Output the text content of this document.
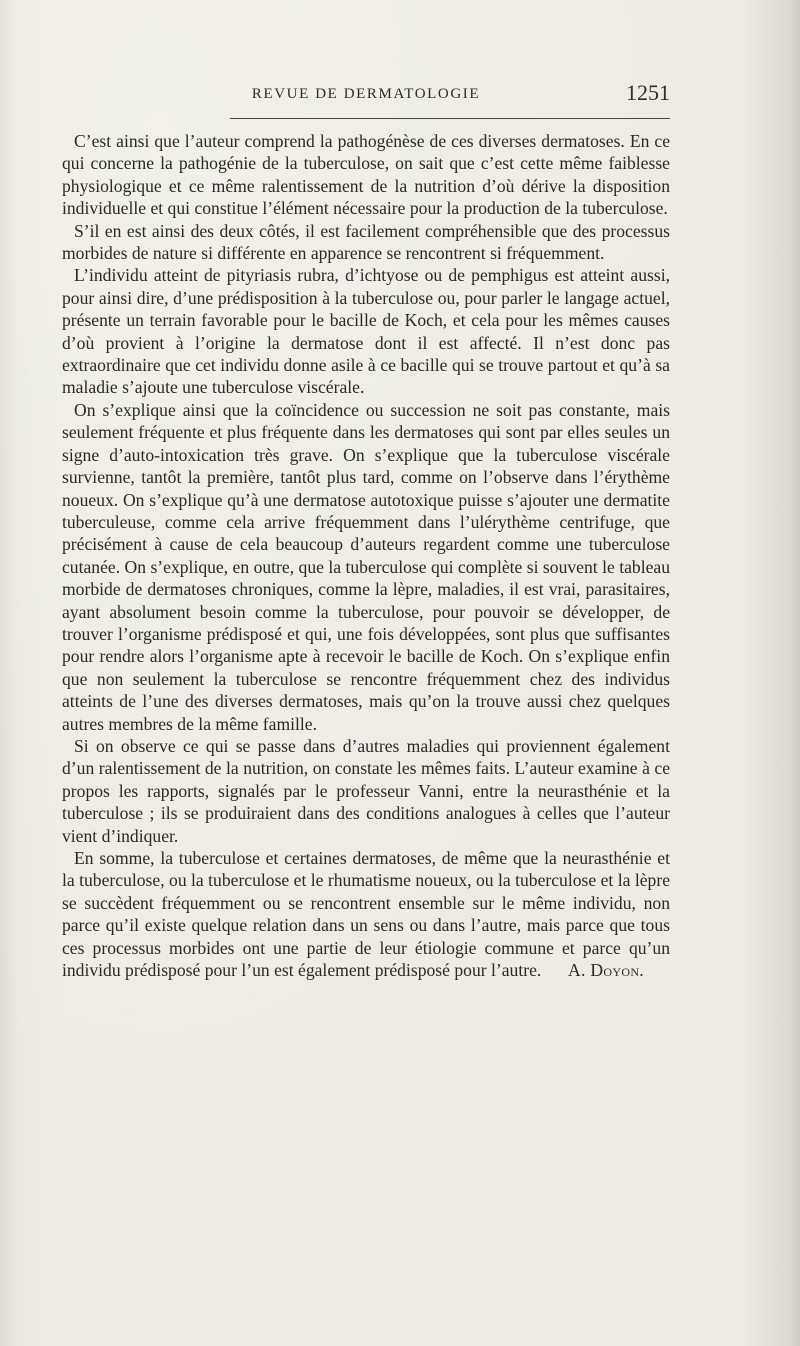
REVUE DE DERMATOLOGIE	1251

C’est ainsi que l’auteur comprend la pathogénèse de ces diverses dermatoses. En ce qui concerne la pathogénie de la tuberculose, on sait que c’est cette même faiblesse physiologique et ce même ralentissement de la nutrition d’où dérive la disposition individuelle et qui constitue l’élément nécessaire pour la production de la tuberculose.

S’il en est ainsi des deux côtés, il est facilement compréhensible que des processus morbides de nature si différente en apparence se rencontrent si fréquemment.

L’individu atteint de pityriasis rubra, d’ichtyose ou de pemphigus est atteint aussi, pour ainsi dire, d’une prédisposition à la tuberculose ou, pour parler le langage actuel, présente un terrain favorable pour le bacille de Koch, et cela pour les mêmes causes d’où provient à l’origine la dermatose dont il est affecté. Il n’est donc pas extraordinaire que cet individu donne asile à ce bacille qui se trouve partout et qu’à sa maladie s’ajoute une tuberculose viscérale.

On s’explique ainsi que la coïncidence ou succession ne soit pas constante, mais seulement fréquente et plus fréquente dans les dermatoses qui sont par elles seules un signe d’auto-intoxication très grave. On s’explique que la tuberculose viscérale survienne, tantôt la première, tantôt plus tard, comme on l’observe dans l’érythème noueux. On s’explique qu’à une dermatose autotoxique puisse s’ajouter une dermatite tuberculeuse, comme cela arrive fréquemment dans l’ulérythème centrifuge, que précisément à cause de cela beaucoup d’auteurs regardent comme une tuberculose cutanée. On s’explique, en outre, que la tuberculose qui complète si souvent le tableau morbide de dermatoses chroniques, comme la lèpre, maladies, il est vrai, parasitaires, ayant absolument besoin comme la tuberculose, pour pouvoir se développer, de trouver l’organisme prédisposé et qui, une fois développées, sont plus que suffisantes pour rendre alors l’organisme apte à recevoir le bacille de Koch. On s’explique enfin que non seulement la tuberculose se rencontre fréquemment chez des individus atteints de l’une des diverses dermatoses, mais qu’on la trouve aussi chez quelques autres membres de la même famille.

Si on observe ce qui se passe dans d’autres maladies qui proviennent également d’un ralentissement de la nutrition, on constate les mêmes faits. L’auteur examine à ce propos les rapports, signalés par le professeur Vanni, entre la neurasthénie et la tuberculose ; ils se produiraient dans des conditions analogues à celles que l’auteur vient d’indiquer.

En somme, la tuberculose et certaines dermatoses, de même que la neurasthénie et la tuberculose, ou la tuberculose et le rhumatisme noueux, ou la tuberculose et la lèpre se succèdent fréquemment ou se rencontrent ensemble sur le même individu, non parce qu’il existe quelque relation dans un sens ou dans l’autre, mais parce que tous ces processus morbides ont une partie de leur étiologie commune et parce qu’un individu prédisposé pour l’un est également prédisposé pour l’autre.	A. Doyon.
